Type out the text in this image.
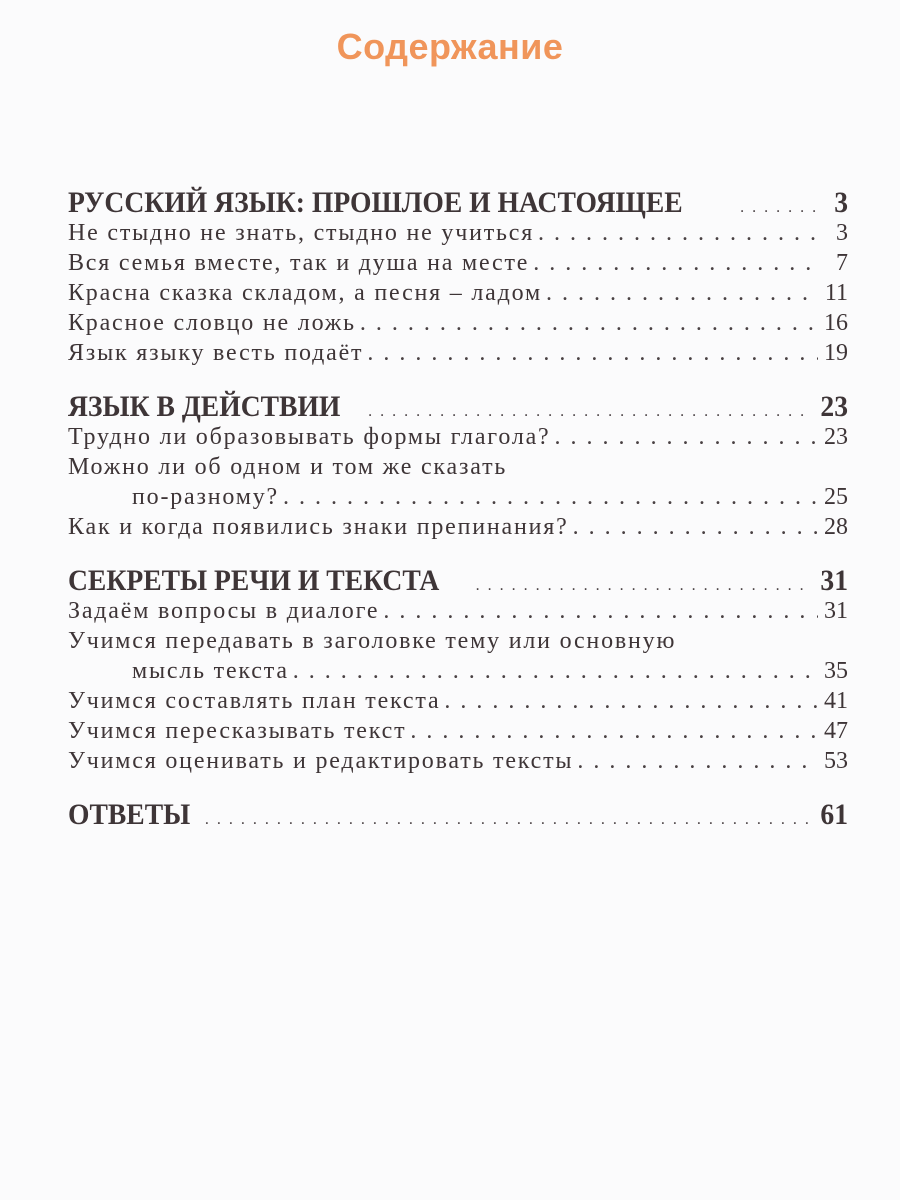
Содержание
РУССКИЙ ЯЗЫК: ПРОШЛОЕ И НАСТОЯЩЕЕ . . .	3
Не стыдно не знать, стыдно не учиться . . .	3
Вся семья вместе, так и душа на месте . . .	7
Красна сказка складом, а песня – ладом . . .	11
Красное словцо не ложь . . .	16
Язык языку весть подаёт . . .	19
ЯЗЫК В ДЕЙСТВИИ . . .	23
Трудно ли образовывать формы глагола? . . .	23
Можно ли об одном и том же сказать
по-разному? . . .	25
Как и когда появились знаки препинания? . . .	28
СЕКРЕТЫ РЕЧИ И ТЕКСТА . . .	31
Задаём вопросы в диалоге . . .	31
Учимся передавать в заголовке тему или основную
мысль текста . . .	35
Учимся составлять план текста . . .	41
Учимся пересказывать текст . . .	47
Учимся оценивать и редактировать тексты . . .	53
ОТВЕТЫ . . .	61
